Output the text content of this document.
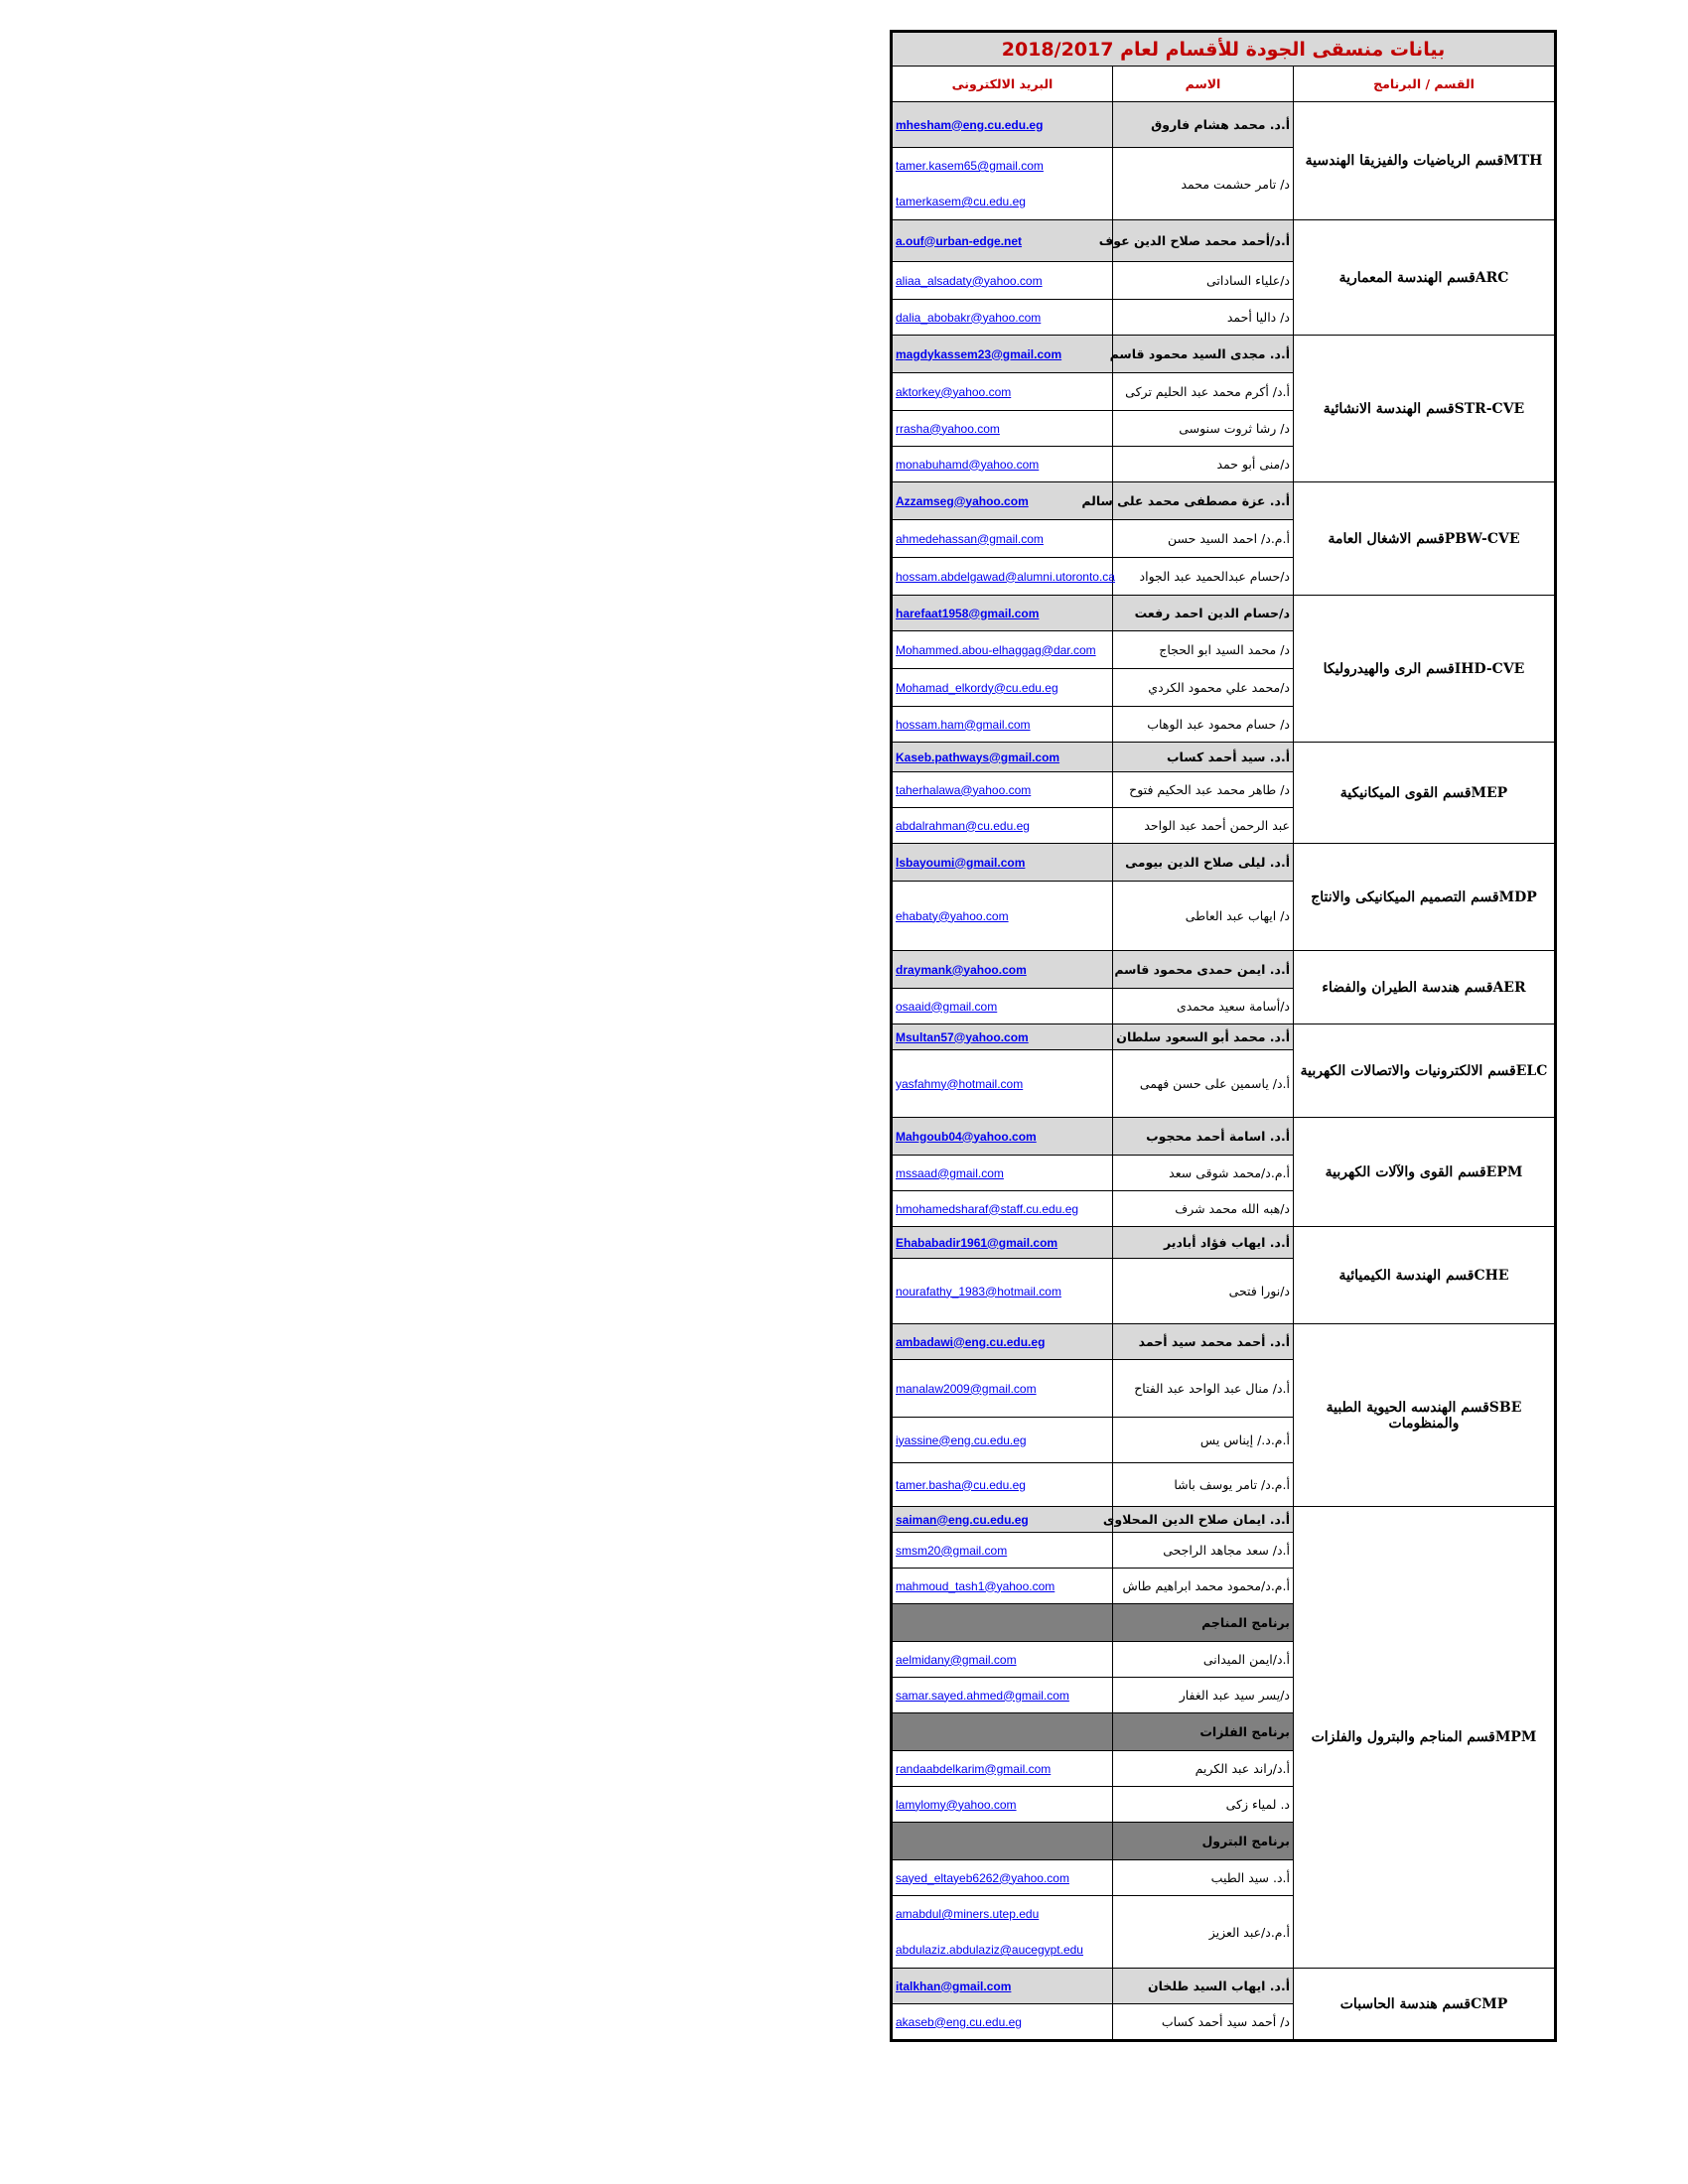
بيانات منسقى الجودة للأقسام لعام 2018/2017		
البريد الالكترونى	الاسم	القسم / البرنامج

mhesham@eng.cu.edu.eg	أ.د. محمد هشام فاروق	MTHقسم الرياضيات والفيزيقا الهندسية

tamer.kasem65@gmail.com
tamerkasem@cu.edu.eg	د/ تامر حشمت محمد	

a.ouf@urban-edge.net	أ.د/أحمد محمد صلاح الدين عوف	ARCقسم الهندسة المعمارية

aliaa_alsadaty@yahoo.com	د/علياء الساداتى	

dalia_abobakr@yahoo.com	د/ داليا أحمد	

magdykassem23@gmail.com	أ.د. مجدى السيد محمود قاسم	STR-CVEقسم الهندسة الانشائية

aktorkey@yahoo.com	أ.د/ أكرم محمد عبد الحليم تركى	

rrasha@yahoo.com	د/ رشا ثروت سنوسى	

monabuhamd@yahoo.com	د/منى أبو حمد	

Azzamseg@yahoo.com	أ.د. عزة مصطفى محمد على سالم	PBW-CVEقسم الاشغال العامة

ahmedehassan@gmail.com	أ.م.د/ احمد السيد حسن	

hossam.abdelgawad@alumni.utoronto.ca	د/حسام عبدالحميد عبد الجواد	

harefaat1958@gmail.com	د/حسام الدين احمد رفعت	IHD-CVEقسم الرى والهيدروليكا

Mohammed.abou-elhaggag@dar.com	د/ محمد السيد ابو الحجاج	

Mohamad_elkordy@cu.edu.eg	د/محمد علي محمود الكردي	

hossam.ham@gmail.com	د/ حسام محمود عبد الوهاب	

Kaseb.pathways@gmail.com	أ.د. سيد أحمد كساب	MEPقسم القوى الميكانيكية

taherhalawa@yahoo.com	د/ طاهر محمد عبد الحكيم فتوح	

abdalrahman@cu.edu.eg	عبد الرحمن أحمد عبد الواحد	

lsbayoumi@gmail.com	أ.د. ليلى صلاح الدين بيومى	MDPقسم التصميم الميكانيكى والانتاج

ehabaty@yahoo.com	د/ ايهاب عبد العاطى	

draymank@yahoo.com	أ.د. ايمن حمدى محمود قاسم	AERقسم هندسة الطيران والفضاء

osaaid@gmail.com	د/أسامة سعيد محمدى	

Msultan57@yahoo.com	أ.د. محمد أبو السعود سلطان	ELCقسم الالكترونيات والاتصالات الكهربية

yasfahmy@hotmail.com	أ.د/ ياسمين على حسن فهمى	

Mahgoub04@yahoo.com	أ.د. اسامة أحمد محجوب	EPMقسم القوى والآلات الكهربية

mssaad@gmail.com	أ.م.د/محمد شوقى سعد	

hmohamedsharaf@staff.cu.edu.eg	د/هبه الله محمد شرف	

Ehababadir1961@gmail.com	أ.د. ايهاب فؤاد أبادير	CHEقسم الهندسة الكيميائية

nourafathy_1983@hotmail.com	د/نورا فتحى	

ambadawi@eng.cu.edu.eg	أ.د. أحمد محمد سيد أحمد	SBEقسم الهندسه الحيوية الطبية والمنظومات

manalaw2009@gmail.com	أ.د/ منال عبد الواحد عبد الفتاح	

iyassine@eng.cu.edu.eg	أ.م.د./ إيناس يس	

tamer.basha@cu.edu.eg	أ.م.د/ تامر يوسف باشا	

saiman@eng.cu.edu.eg	أ.د. ايمان صلاح الدين المحلاوى	MPMقسم المناجم والبترول والفلزات

smsm20@gmail.com	أ.د/ سعد مجاهد الراجحى	

mahmoud_tash1@yahoo.com	أ.م.د/محمود محمد ابراهيم طاش	
	برنامج المناجم	

aelmidany@gmail.com	أ.د/ايمن الميدانى	

samar.sayed.ahmed@gmail.com	د/يسر سيد عبد الغفار	
	برنامج الفلزات	

randaabdelkarim@gmail.com	أ.د/راند عبد الكريم	

lamylomy@yahoo.com	د. لمياء زكى	
	برنامج البترول	

sayed_eltayeb6262@yahoo.com	أ.د. سيد الطيب	

amabdul@miners.utep.edu
abdulaziz.abdulaziz@aucegypt.edu	أ.م.د/عبد العزيز	

italkhan@gmail.com	أ.د. ايهاب السيد طلخان	CMPقسم هندسة الحاسبات

akaseb@eng.cu.edu.eg	د/ أحمد سيد أحمد كساب	
